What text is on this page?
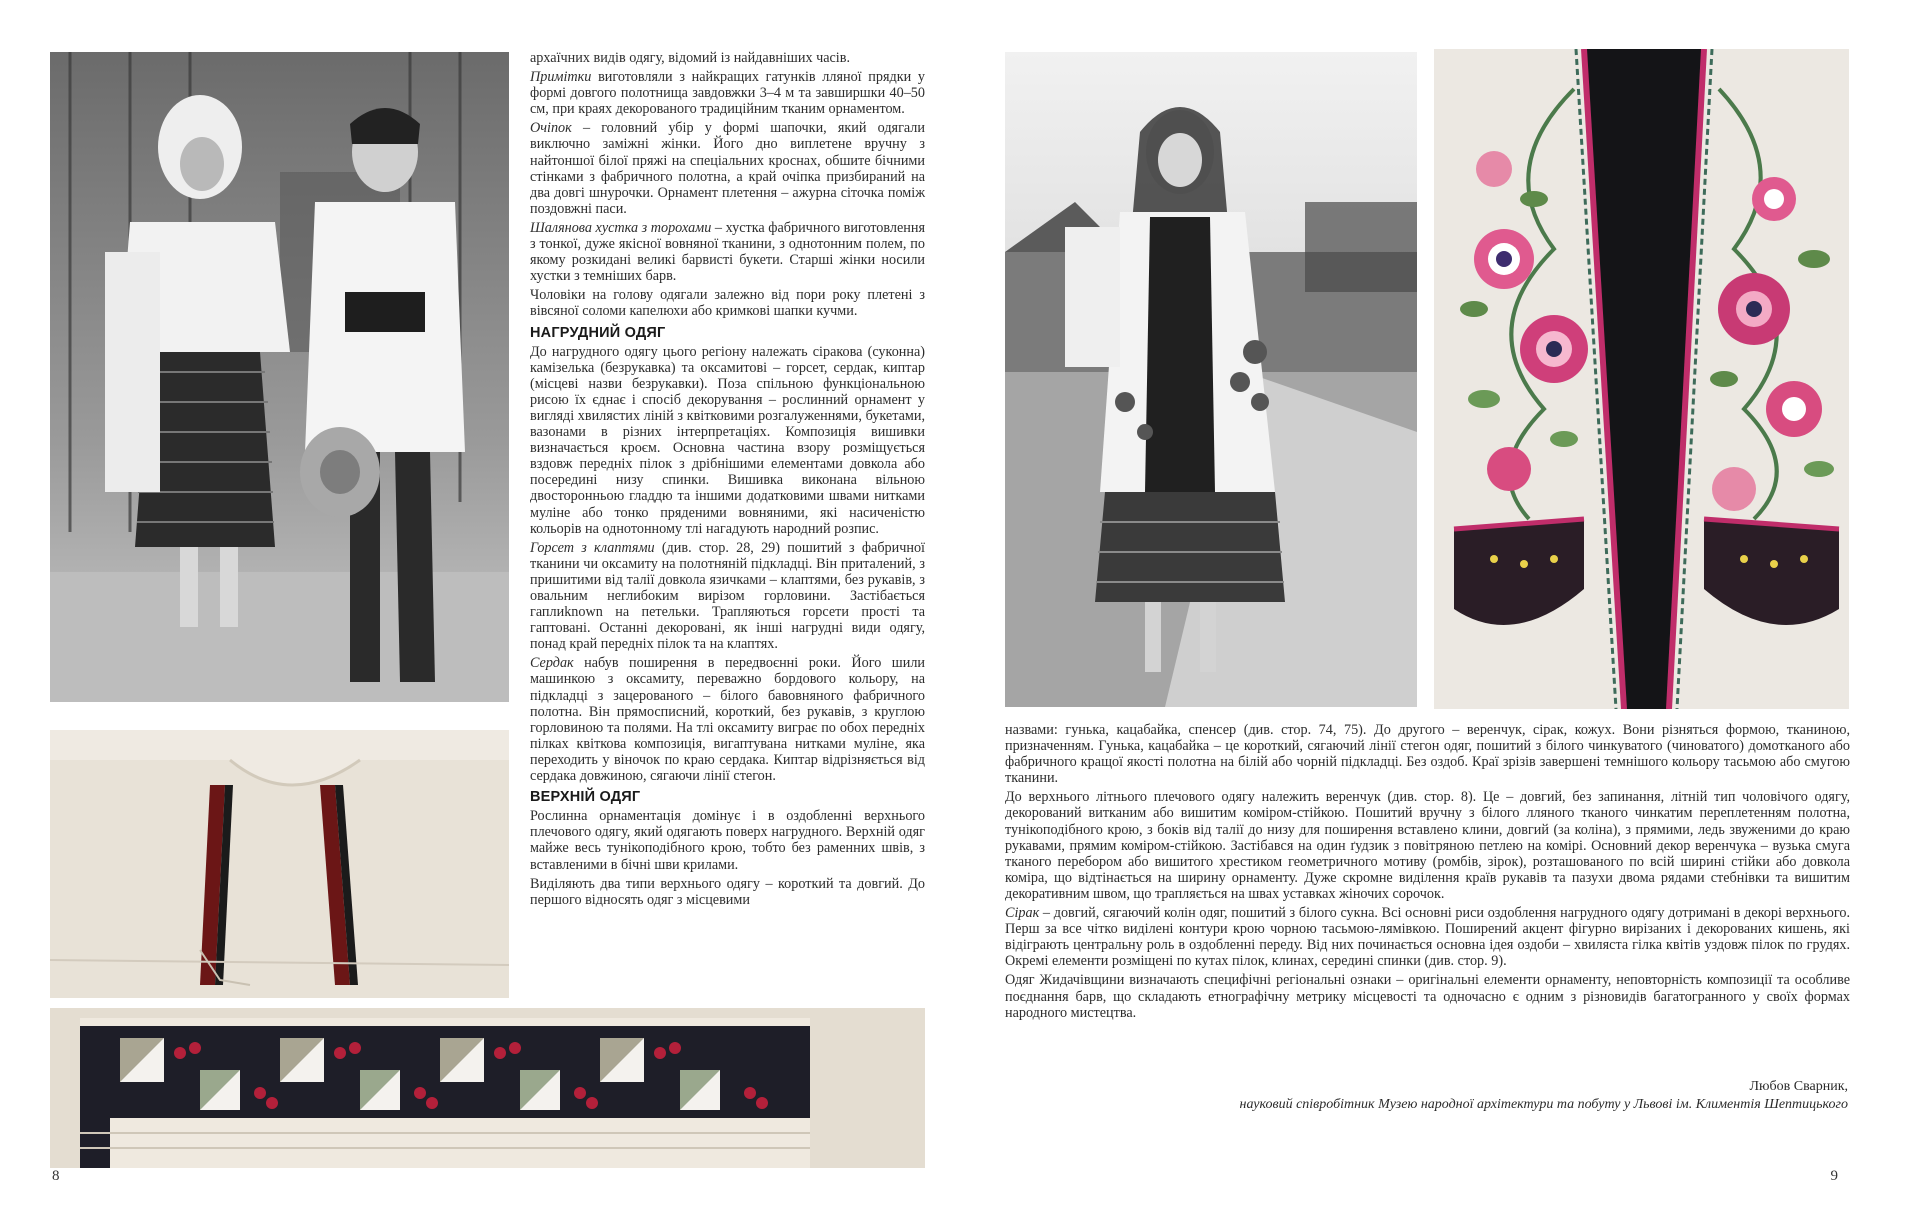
архаїчних видів одягу, відомий із найдавніших часів.

Примітки виготовляли з найкращих гатунків лляної прядки у формі довгого полотнища завдовжки 3–4 м та завширшки 40–50 см, при краях декорованого традиційним тканим орнаментом.

Очіпок – головний убір у формі шапочки, який одягали виключно заміжні жінки. Його дно виплетене вручну з найтоншої білої пряжі на спеціальних кроснах, обшите бічними стінками з фабричного полотна, а край очіпка призбираний на два довгі шнурочки. Орнамент плетення – ажурна сіточка поміж поздовжні паси.

Шалянова хустка з торохами – хустка фабричного виготовлення з тонкої, дуже якісної вовняної тканини, з однотонним полем, по якому розкидані великі барвисті букети. Старші жінки носили хустки з темніших барв.

Чоловіки на голову одягали залежно від пори року плетені з вівсяної соломи капелюхи або кримкові шапки кучми.

НАГРУДНИЙ ОДЯГ

До нагрудного одягу цього регіону належать сіракова (суконна) камізелька (безрукавка) та оксамитові – горсет, сердак, киптар (місцеві назви безрукавки). Поза спільною функціональною рисою їх єднає і спосіб декорування – рослинний орнамент у вигляді хвилястих ліній з квітковими розгалуженнями, букетами, вазонами в різних інтерпретаціях. Композиція вишивки визначається кроєм. Основна частина взору розміщується вздовж передніх пілок з дрібнішими елементами довкола або посередині низу спинки. Вишивка виконана вільною двосторонньою гладдю та іншими додатковими швами нитками муліне або тонко пряденими вовняними, які насиченістю кольорів на однотонному тлі нагадують народний розпис.

Горсет з клаптями (див. стор. 28, 29) пошитий з фабричної тканини чи оксамиту на полотняній підкладці. Він приталений, з пришитими від талії довкола язичками – клаптями, без рукавів, з овальним неглибоким вирізом горловини. Застібається гаплиknown на петельки. Трапляються горсети прості та гаптовані. Останні декоровані, як інші нагрудні види одягу, понад край передніх пілок та на клаптях.

Сердак набув поширення в передвоєнні роки. Його шили машинкою з оксамиту, переважно бордового кольору, на підкладці з зацерованого – білого бавовняного фабричного полотна. Він прямосписний, короткий, без рукавів, з круглою горловиною та полями. На тлі оксамиту виграє по обох передніх пілках квіткова композиція, вигаптувана нитками муліне, яка переходить у віночок по краю сердака. Киптар відрізняється від сердака довжиною, сягаючи лінії стегон.

ВЕРХНІЙ ОДЯГ

Рослинна орнаментація домінує і в оздобленні верхнього плечового одягу, який одягають поверх нагрудного. Верхній одяг майже весь тунікоподібного крою, тобто без раменних швів, з вставленими в бічні шви крилами.

Виділяють два типи верхнього одягу – короткий та довгий. До першого відносять одяг з місцевими

8

назвами: гунька, кацабайка, спенсер (див. стор. 74, 75). До другого – веренчук, сірак, кожух. Вони різняться формою, тканиною, призначенням. Гунька, кацабайка – це короткий, сягаючий лінії стегон одяг, пошитий з білого чинкуватого (чиноватого) домотканого або фабричного кращої якості полотна на білій або чорній підкладці. Без оздоб. Краї зрізів завершені темнішого кольору тасьмою або смугою тканини.

До верхнього літнього плечового одягу належить веренчук (див. стор. 8). Це – довгий, без запинання, літній тип чоловічого одягу, декорований витканим або вишитим коміром-стійкою. Пошитий вручну з білого лляного тканого чинкатим переплетенням полотна, тунікоподібного крою, з боків від талії до низу для поширення вставлено клини, довгий (за коліна), з прямими, ледь звуженими до краю рукавами, прямим коміром-стійкою. Застібався на один ґудзик з повітряною петлею на комірі. Основний декор веренчука – вузька смуга тканого перебором або вишитого хрестиком геометричного мотиву (ромбів, зірок), розташованого по всій ширині стійки або довкола коміра, що відтінається на ширину орнаменту. Дуже скромне виділення країв рукавів та пазухи двома рядами стебнівки та вишитим декоративним швом, що трапляється на швах уставках жіночих сорочок.

Сірак – довгий, сягаючий колін одяг, пошитий з білого сукна. Всі основні риси оздоблення нагрудного одягу дотримані в декорі верхнього. Перш за все чітко виділені контури крою чорною тасьмою-лямівкою. Поширений акцент фігурно вирізаних і декорованих кишень, які відіграють центральну роль в оздобленні переду. Від них починається основна ідея оздоби – хвиляста гілка квітів уздовж пілок по грудях. Окремі елементи розміщені по кутах пілок, клинах, середині спинки (див. стор. 9).

Одяг Жидачівщини визначають специфічні регіональні ознаки – оригінальні елементи орнаменту, неповторність композиції та особливе поєднання барв, що складають етнографічну метрику місцевості та одночасно є одним з різновидів багатогранного у своїх формах народного мистецтва.

Любов Сварник,
науковий співробітник Музею народної архітектури та побуту у Львові ім. Климентія Шептицького
9
